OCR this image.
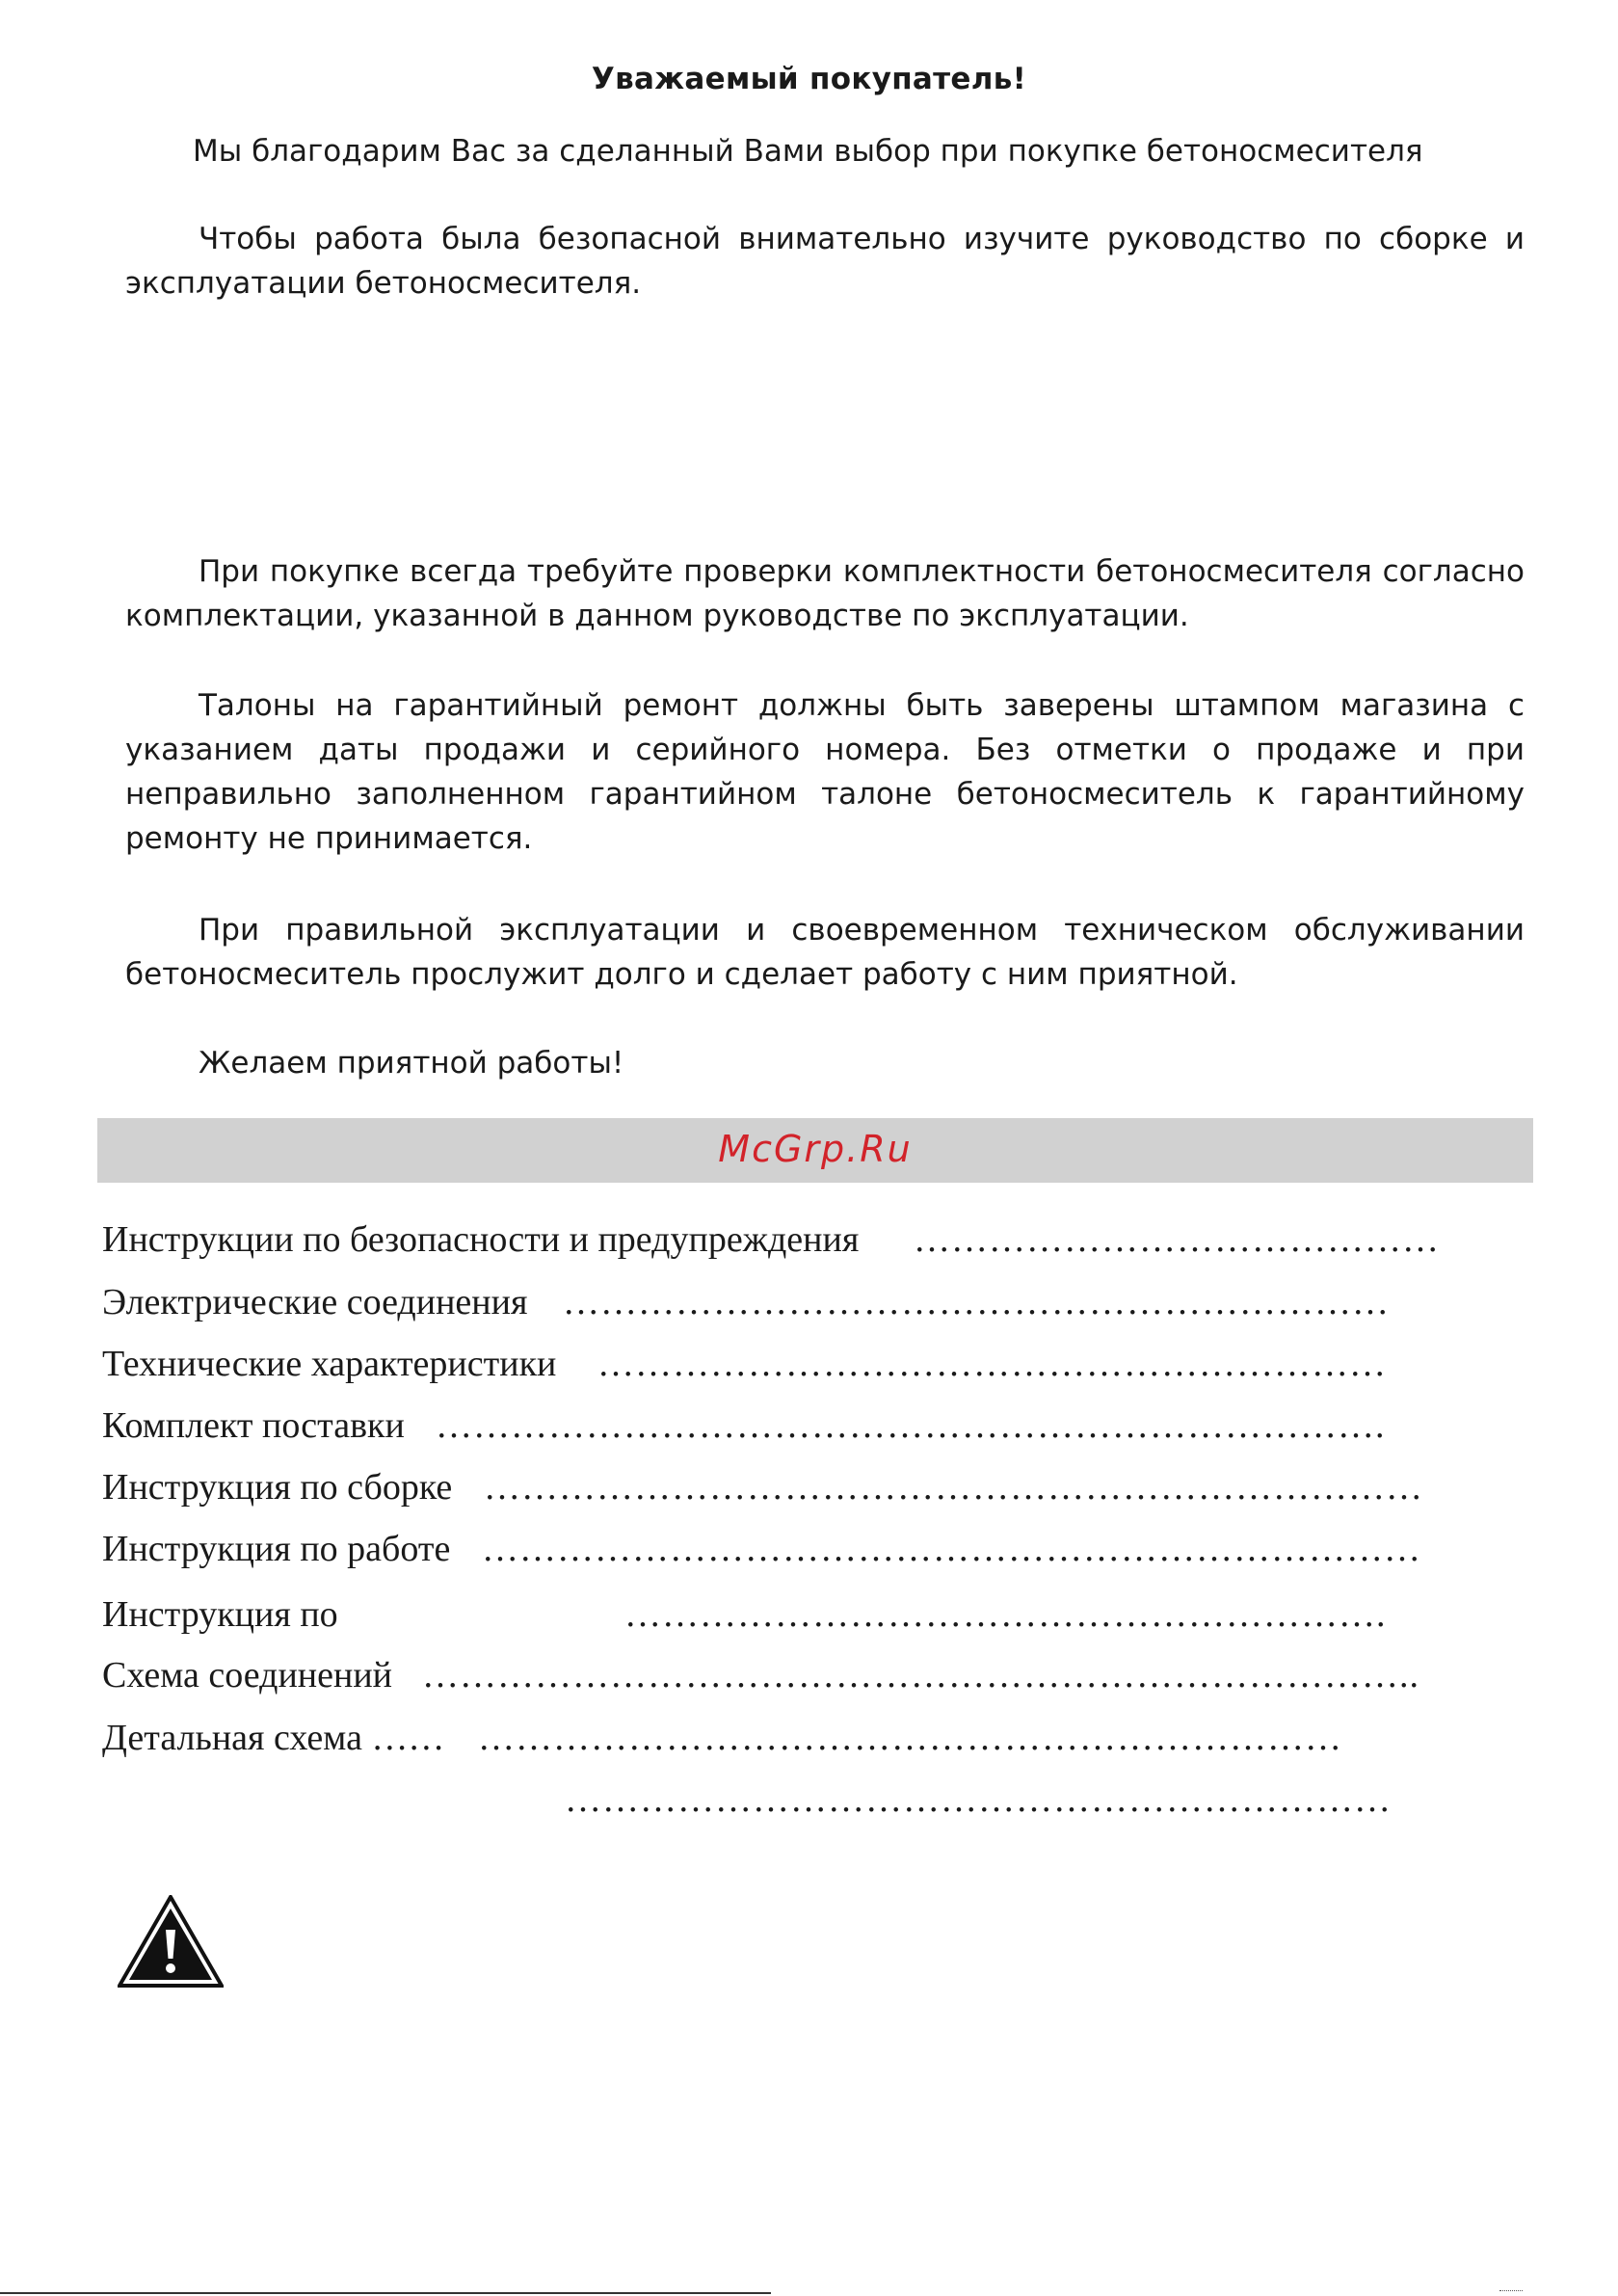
Уважаемый покупатель!

Мы благодарим Вас за сделанный Вами выбор при покупке бетоносмесителя

Чтобы работа была безопасной внимательно изучите руководство по сборке и эксплуатации бетоносмесителя.

При покупке всегда требуйте проверки комплектности бетоносмесителя согласно комплектации, указанной в данном руководстве по эксплуатации.

Талоны на гарантийный ремонт должны быть заверены штампом магазина с указанием даты продажи и серийного номера. Без отметки о продаже и при неправильно заполненном гарантийном талоне бетоносмеситель к гарантийному ремонту не принимается.

При правильной эксплуатации и своевременном техническом обслуживании бетоносмеситель прослужит долго и сделает работу с ним приятной.

Желаем приятной работы!

McGrp.Ru
Инструкции по безопасности и предупреждения ……………………………………
Электрические соединения …………………………………………………………
Технические характеристики ………………………………………………………
Комплект поставки ………………………………………………………………….
Инструкция по сборке …………………………………………………………………
Инструкция по работе …………………………………………………………………
Инструкция по	…………………………………………………….
Схема соединений ……………………………………………………………………..
Детальная схема …… ……………………………………………………………
…………………………………………………………
